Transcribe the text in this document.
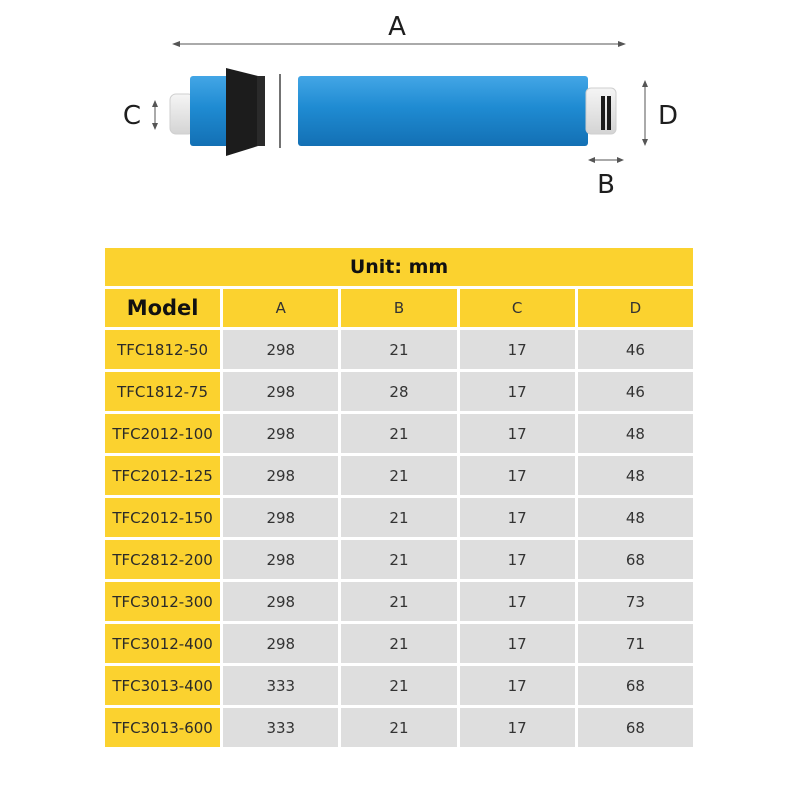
A
C	D
B
Unit: mm				
Model	A	B	C	D
TFC1812-50	298	21	17	46
TFC1812-75	298	28	17	46
TFC2012-100	298	21	17	48
TFC2012-125	298	21	17	48
TFC2012-150	298	21	17	48
TFC2812-200	298	21	17	68
TFC3012-300	298	21	17	73
TFC3012-400	298	21	17	71
TFC3013-400	333	21	17	68
TFC3013-600	333	21	17	68
